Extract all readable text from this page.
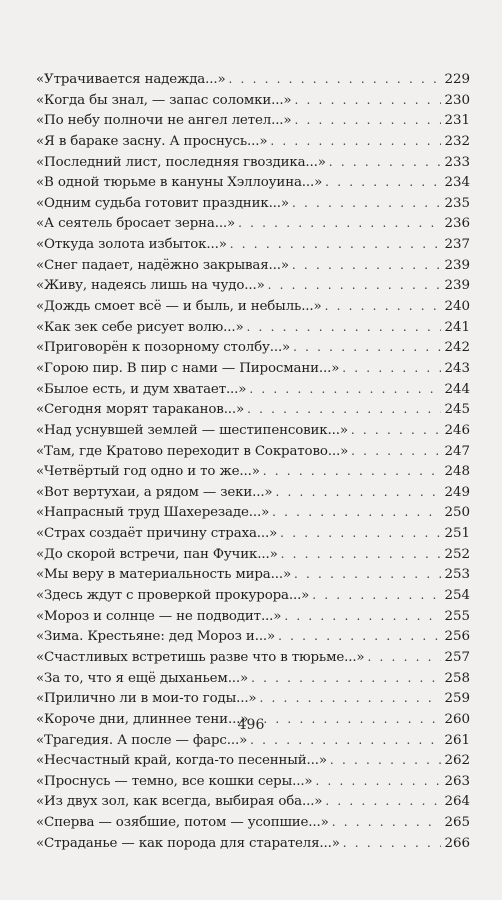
«Утрачивается надежда...» . . .	229
«Когда бы знал, — запас соломки...» . . .	230
«По небу полночи не ангел летел...» . . .	231
«Я в бараке засну. А проснусь...» . . .	232
«Последний лист, последняя гвоздика...» . . .	233
«В одной тюрьме в кануны Хэллоуина...» . . .	234
«Одним судьба готовит праздник...» . . .	235
«А сеятель бросает зерна...» . . .	236
«Откуда золота избыток...» . . .	237
«Снег падает, надёжно закрывая...» . . .	239
«Живу, надеясь лишь на чудо...» . . .	239
«Дождь смоет всё — и быль, и небыль...» . . .	240
«Как зек себе рисует волю...» . . .	241
«Приговорён к позорному столбу...» . . .	242
«Горою пир. В пир с нами — Пиросмани...» . . .	243
«Былое есть, и дум хватает...» . . .	244
«Сегодня морят тараканов...» . . .	245
«Над уснувшей землей — шестипенсовик...» . . .	246
«Там, где Кратово переходит в Сократово...» . . .	247
«Четвёртый год одно и то же...» . . .	248
«Вот вертухаи, а рядом — зеки...» . . .	249
«Напрасный труд Шахерезаде...» . . .	250
«Страх создаёт причину страха...» . . .	251
«До скорой встречи, пан Фучик...» . . .	252
«Мы веру в материальность мира...» . . .	253
«Здесь ждут с проверкой прокурора...» . . .	254
«Мороз и солнце — не подводит...» . . .	255
«Зима. Крестьяне: дед Мороз и...» . . .	256
«Счастливых встретишь разве что в тюрьме...» . . .	257
«За то, что я ещё дыханьем...» . . .	258
«Прилично ли в мои-то годы...» . . .	259
«Короче дни, длиннее тени...» . . .	260
«Трагедия. А после — фарс...» . . .	261
«Несчастный край, когда-то песенный...» . . .	262
«Проснусь — темно, все кошки серы...» . . .	263
«Из двух зол, как всегда, выбирая оба...» . . .	264
«Сперва — озябшие, потом — усопшие...» . . .	265
«Страданье — как порода для старателя...» . . .	266
496
